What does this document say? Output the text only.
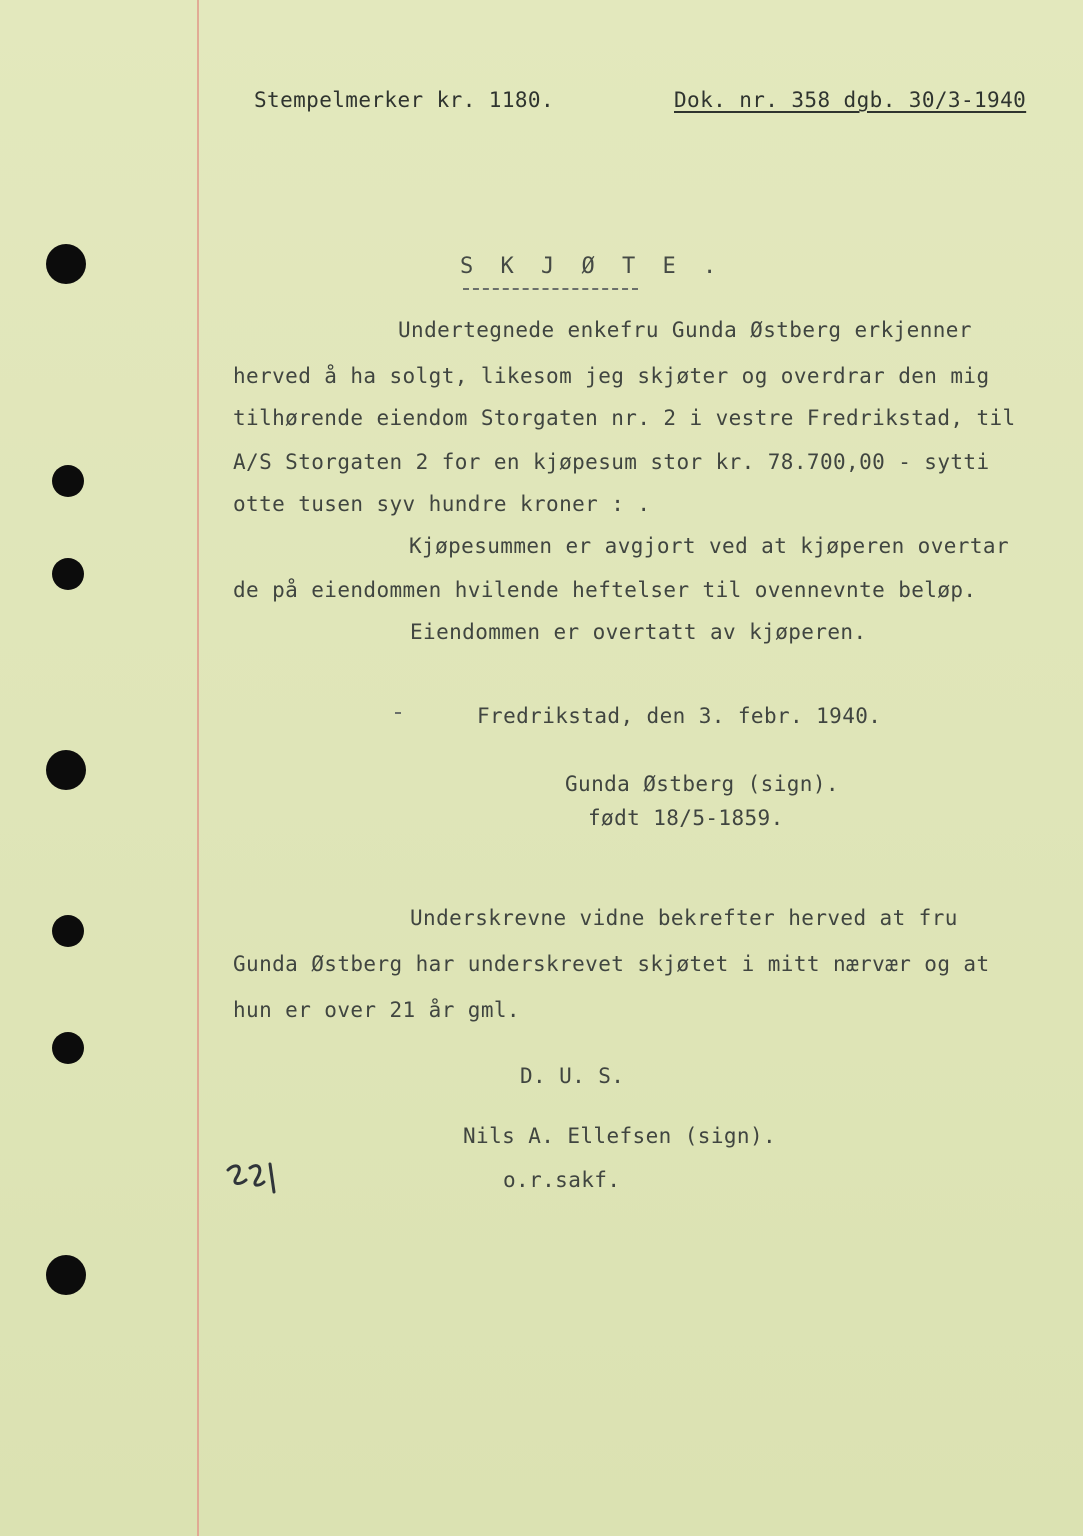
Stempelmerker kr. 1180.	Dok. nr. 358 dgb. 30/3-1940
S K J Ø T E .
Undertegnede enkefru Gunda Østberg erkjenner
herved å ha solgt, likesom jeg skjøter og overdrar den mig
tilhørende eiendom Storgaten nr. 2 i vestre Fredrikstad, til
A/S Storgaten 2 for en kjøpesum stor kr. 78.700,00 - sytti
otte tusen syv hundre kroner : .
Kjøpesummen er avgjort ved at kjøperen overtar
de på eiendommen hvilende heftelser til ovennevnte beløp.
Eiendommen er overtatt av kjøperen.
Fredrikstad, den 3. febr. 1940.
Gunda Østberg (sign).
født 18/5-1859.
Underskrevne vidne bekrefter herved at fru
Gunda Østberg har underskrevet skjøtet i mitt nærvær og at
hun er over 21 år gml.
D. U. S.
Nils A. Ellefsen (sign).
o.r.sakf.
